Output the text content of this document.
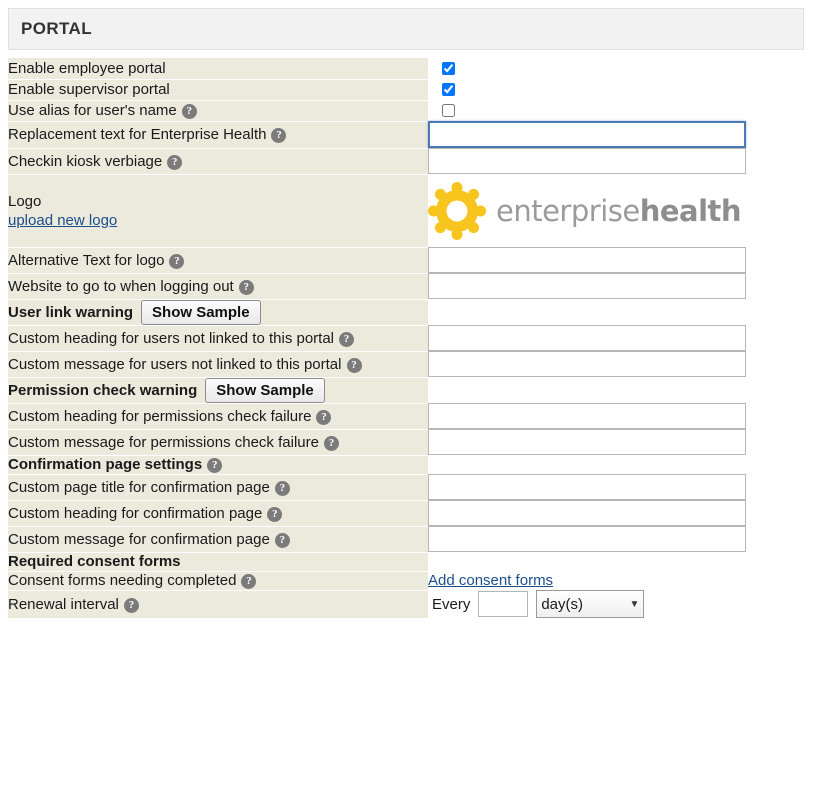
PORTAL
Enable employee portal	
Enable supervisor portal	
Use alias for user's name ?	
Replacement text for Enterprise Health ?	
Checkin kiosk verbiage ?	
Logo
upload new logo	enterprisehealth

Alternative Text for logo ?	
Website to go to when logging out ?	
User link warning Show Sample	
Custom heading for users not linked to this portal ?	
Custom message for users not linked to this portal ?	
Permission check warning Show Sample	
Custom heading for permissions check failure ?	
Custom message for permissions check failure ?	
Confirmation page settings ?	
Custom page title for confirmation page ?	
Custom heading for confirmation page ?	
Custom message for confirmation page ?	
Required consent forms	
Consent forms needing completed ?	Add consent forms
Renewal interval ?	Every day(s) ▼
